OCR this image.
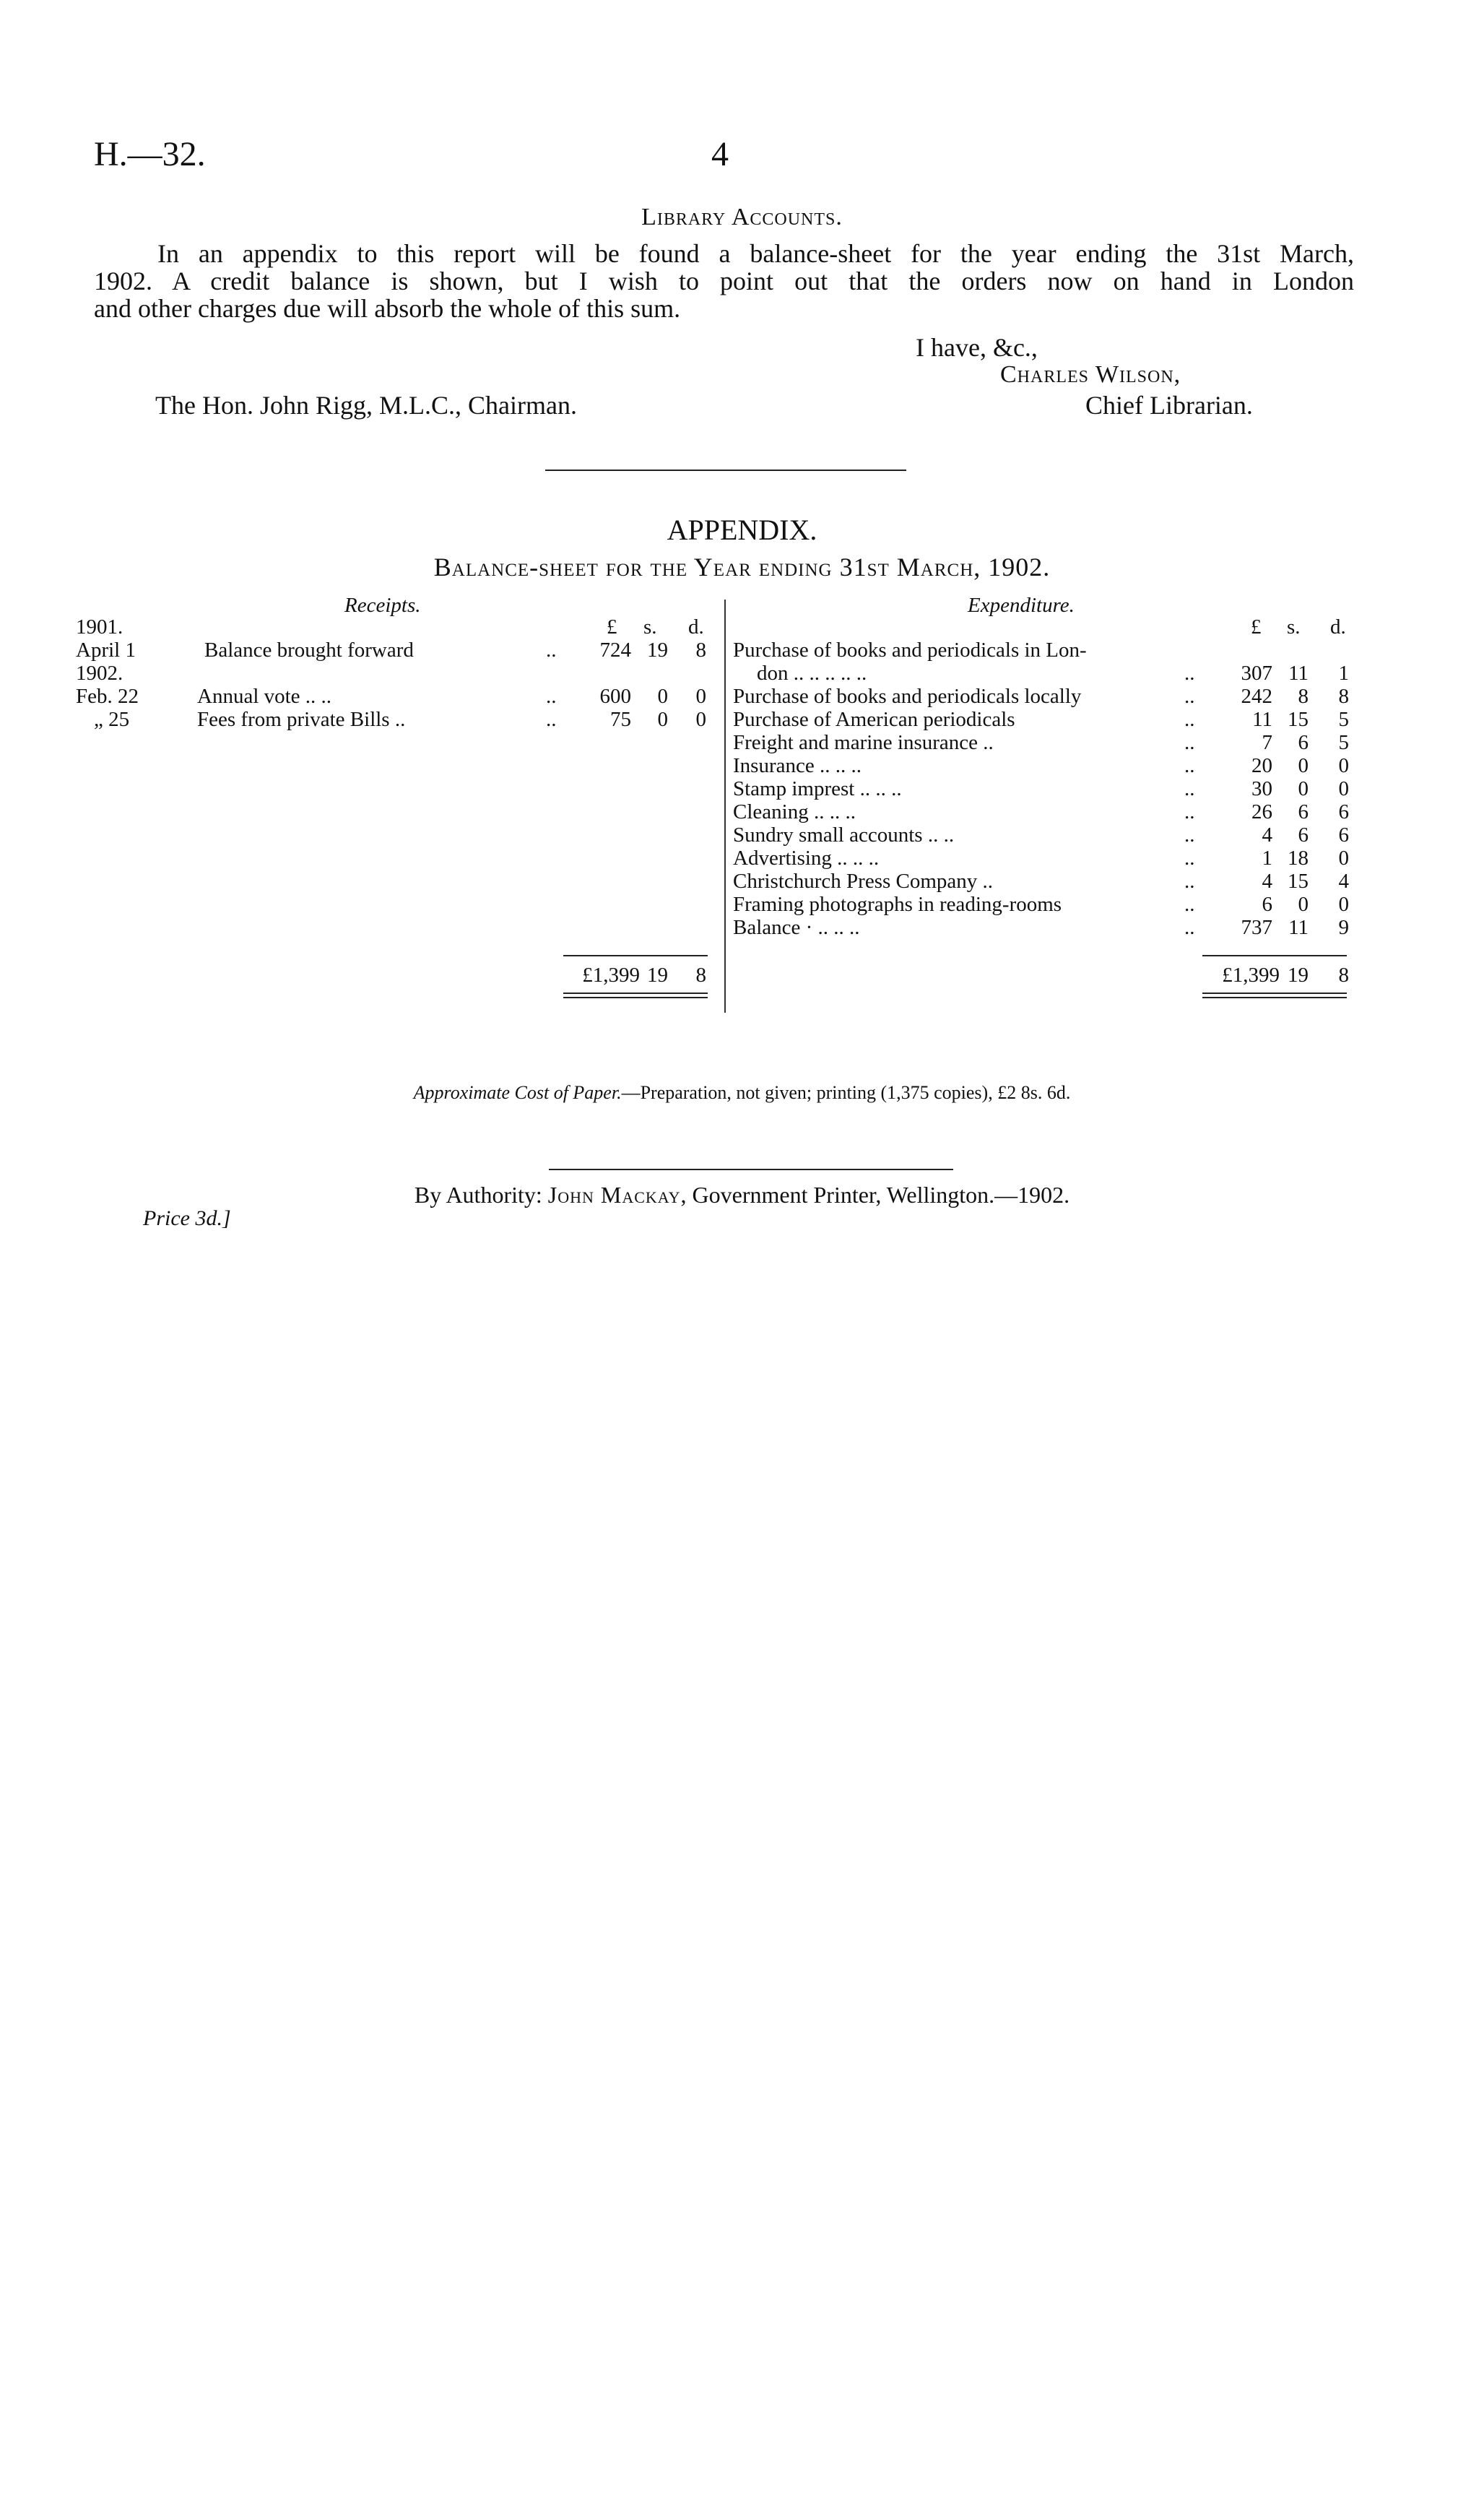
H.—32.	4
Library Accounts.
In an appendix to this report will be found a balance-sheet for the year ending the 31st March,
1902. A credit balance is shown, but I wish to point out that the orders now on hand in London
and other charges due will absorb the whole of this sum.
I have, &c.,
Charles Wilson,
The Hon. John Rigg, M.L.C., Chairman.	Chief Librarian.
APPENDIX.
Balance-sheet for the Year ending 31st March, 1902.
Receipts.
£ s. d.
1901.
1902.
April 1	Balance brought forward	..	724 19	8
Feb. 22	Annual vote .. ..	..	600	0	0
„ 25	Fees from private Bills ..	..	75	0	0
£1,399 19	8
Expenditure.
£ s. d.
Purchase of books and periodicals in Lon-
don .. .. .. .. ..	..	307 11	1
Purchase of books and periodicals locally	..	242	8	8
Purchase of American periodicals	..	11 15	5
Freight and marine insurance ..	..	7	6	5
Insurance .. .. ..	..	20	0	0
Stamp imprest .. .. ..	..	30	0	0
Cleaning .. .. ..	..	26	6	6
Sundry small accounts .. ..	..	4	6	6
Advertising .. .. ..	..	1 18	0
Christchurch Press Company ..	..	4 15	4
Framing photographs in reading-rooms	..	6	0	0
Balance · .. .. ..	..	737 11	9
£1,399 19	8
Approximate Cost of Paper.—Preparation, not given; printing (1,375 copies), £2 8s. 6d.
By Authority: John Mackay, Government Printer, Wellington.—1902.
Price 3d.]
